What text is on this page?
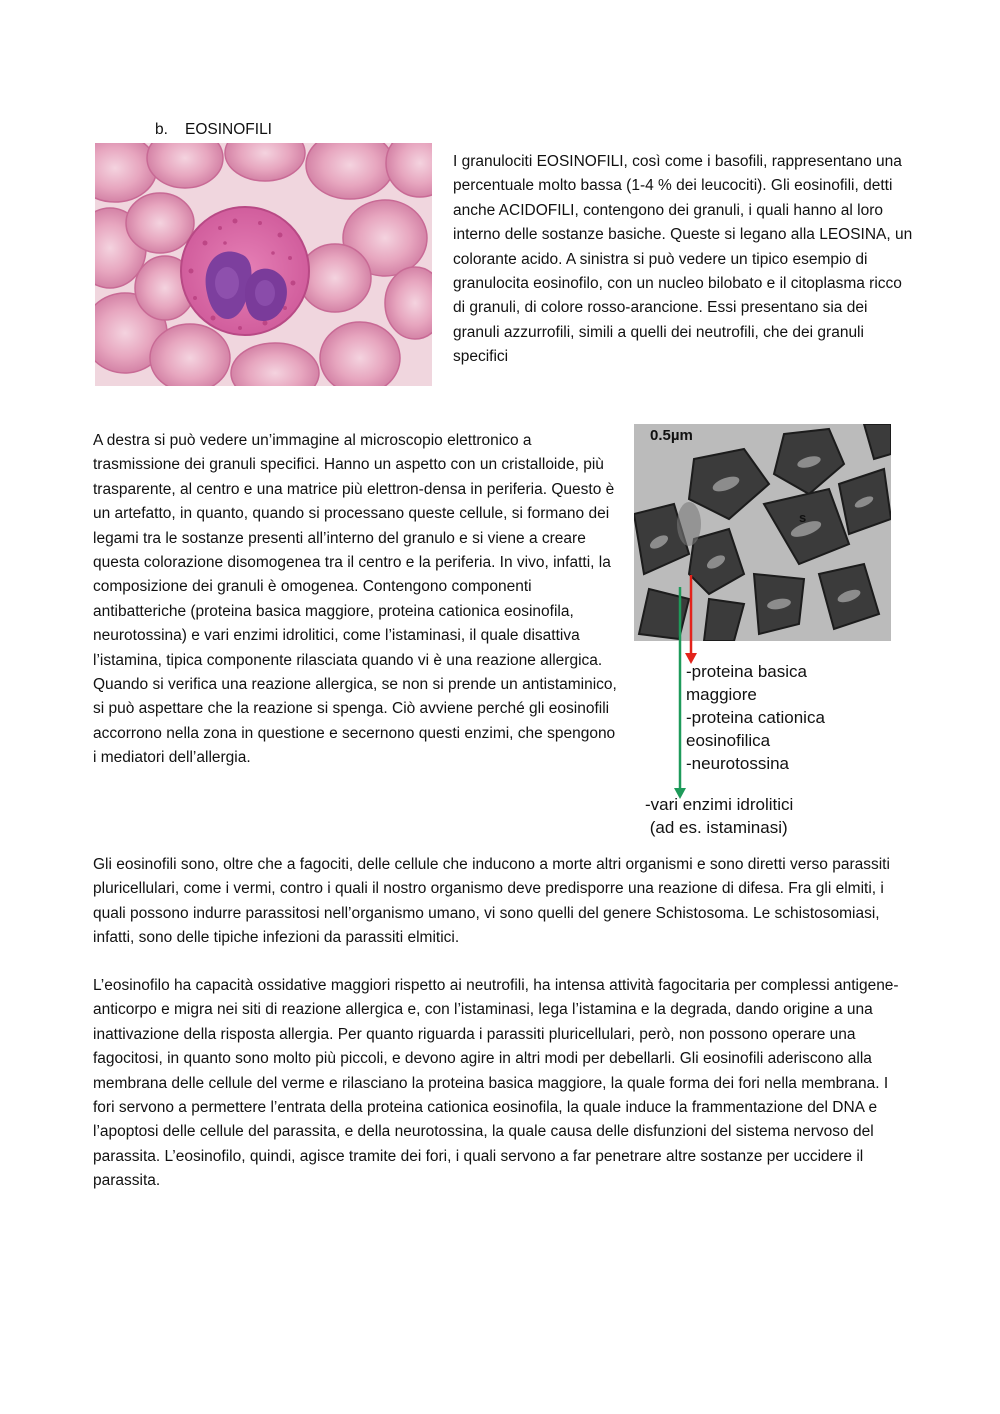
b. EOSINOFILI
I granulociti EOSINOFILI, così come i basofili, rappresentano una percentuale molto bassa (1-4 % dei leucociti). Gli eosinofili, detti anche ACIDOFILI, contengono dei granuli, i quali hanno al loro interno delle sostanze basiche. Queste si legano alla LEOSINA, un colorante acido. A sinistra si può vedere un tipico esempio di granulocita eosinofilo, con un nucleo bilobato e il citoplasma ricco di granuli, di colore rosso-arancione. Essi presentano sia dei granuli azzurrofili, simili a quelli dei neutrofili, che dei granuli specifici
A destra si può vedere un’immagine al microscopio elettronico a trasmissione dei granuli specifici. Hanno un aspetto con un cristalloide, più trasparente, al centro e una matrice più elettron-densa in periferia. Questo è un artefatto, in quanto, quando si processano queste cellule, si formano dei legami tra le sostanze presenti all’interno del granulo e si viene a creare questa colorazione disomogenea tra il centro e la periferia. In vivo, infatti, la composizione dei granuli è omogenea. Contengono componenti antibatteriche (proteina basica maggiore, proteina cationica eosinofila, neurotossina) e vari enzimi idrolitici, come l’istaminasi, il quale disattiva l’istamina, tipica componente rilasciata quando vi è una reazione allergica. Quando si verifica una reazione allergica, se non si prende un antistaminico, si può aspettare che la reazione si spenga. Ciò avviene perché gli eosinofili accorrono nella zona in questione e secernono questi enzimi, che spengono i mediatori dell’allergia.
0.5µm
s
-proteina basica
maggiore
-proteina cationica
eosinofilica
-neurotossina
-vari enzimi idrolitici
(ad es. istaminasi)
Gli eosinofili sono, oltre che a fagociti, delle cellule che inducono a morte altri organismi e sono diretti verso parassiti pluricellulari, come i vermi, contro i quali il nostro organismo deve predisporre una reazione di difesa. Fra gli elmiti, i quali possono indurre parassitosi nell’organismo umano, vi sono quelli del genere Schistosoma. Le schistosomiasi, infatti, sono delle tipiche infezioni da parassiti elmitici.
L’eosinofilo ha capacità ossidative maggiori rispetto ai neutrofili, ha intensa attività fagocitaria per complessi antigene-anticorpo e migra nei siti di reazione allergica e, con l’istaminasi, lega l’istamina e la degrada, dando origine a una inattivazione della risposta allergia. Per quanto riguarda i parassiti pluricellulari, però, non possono operare una fagocitosi, in quanto sono molto più piccoli, e devono agire in altri modi per debellarli. Gli eosinofili aderiscono alla membrana delle cellule del verme e rilasciano la proteina basica maggiore, la quale forma dei fori nella membrana. I fori servono a permettere l’entrata della proteina cationica eosinofila, la quale induce la frammentazione del DNA e l’apoptosi delle cellule del parassita, e della neurotossina, la quale causa delle disfunzioni del sistema nervoso del parassita. L’eosinofilo, quindi, agisce tramite dei fori, i quali servono a far penetrare altre sostanze per uccidere il parassita.
